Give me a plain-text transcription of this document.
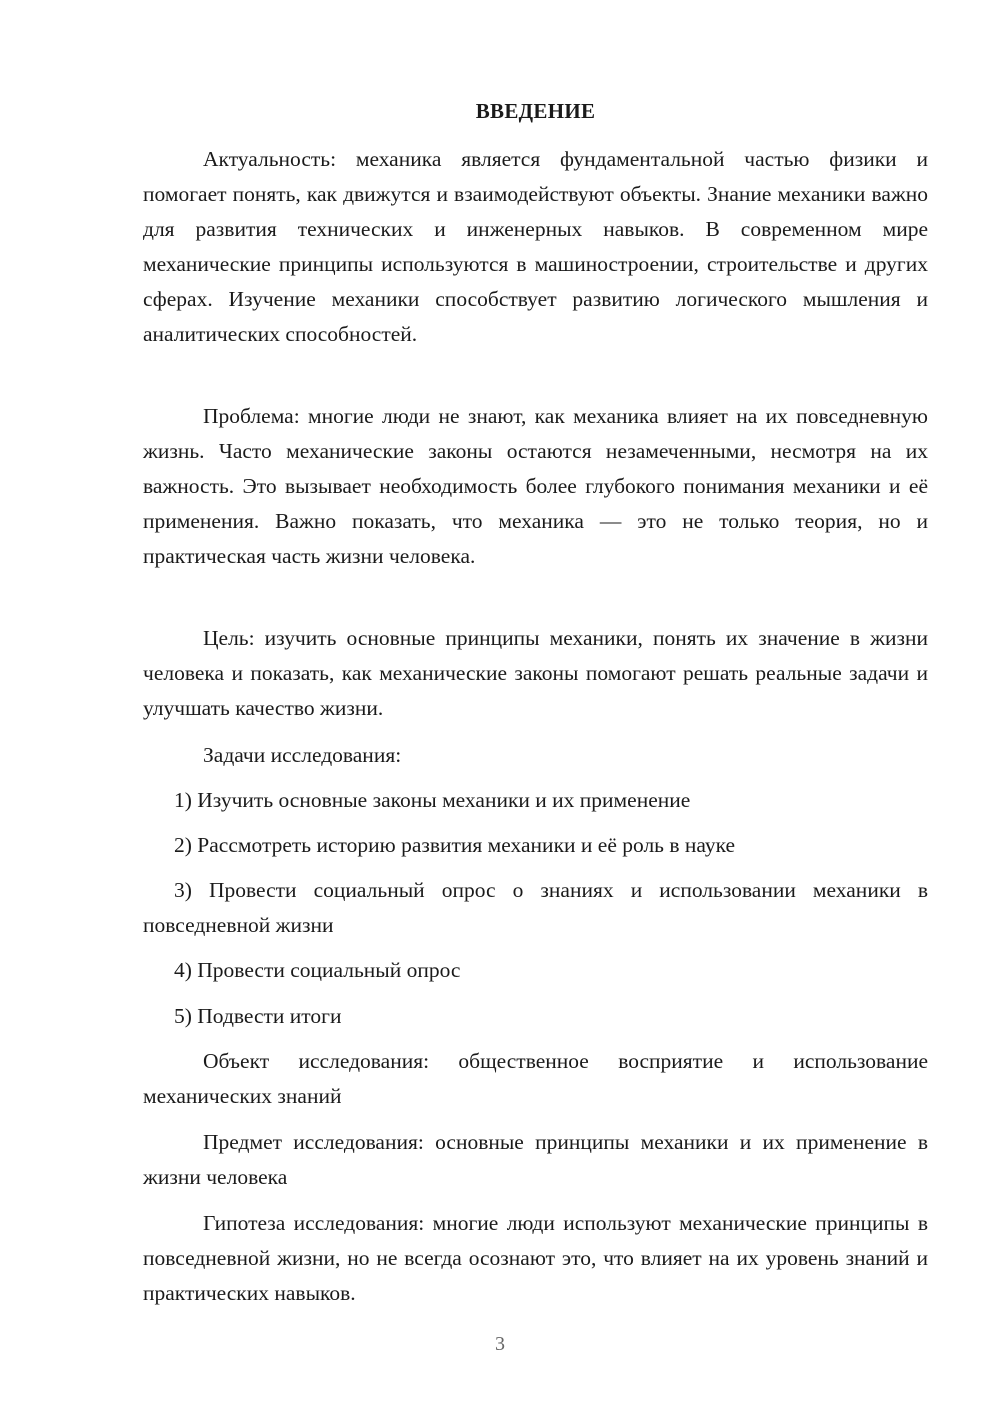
ВВЕДЕНИЕ

Актуальность: механика является фундаментальной частью физики и помогает понять, как движутся и взаимодействуют объекты. Знание механики важно для развития технических и инженерных навыков. В современном мире механические принципы используются в машиностроении, строительстве и других сферах. Изучение механики способствует развитию логического мышления и аналитических способностей.

Проблема: многие люди не знают, как механика влияет на их повседневную жизнь. Часто механические законы остаются незамеченными, несмотря на их важность. Это вызывает необходимость более глубокого понимания механики и её применения. Важно показать, что механика — это не только теория, но и практическая часть жизни человека.

Цель: изучить основные принципы механики, понять их значение в жизни человека и показать, как механические законы помогают решать реальные задачи и улучшать качество жизни.

Задачи исследования:

1) Изучить основные законы механики и их применение

2) Рассмотреть историю развития механики и её роль в науке

3) Провести социальный опрос о знаниях и использовании механики в повседневной жизни

4) Провести социальный опрос

5) Подвести итоги

Объект исследования: общественное восприятие и использование механических знаний

Предмет исследования: основные принципы механики и их применение в жизни человека

Гипотеза исследования: многие люди используют механические принципы в повседневной жизни, но не всегда осознают это, что влияет на их уровень знаний и практических навыков.

3
